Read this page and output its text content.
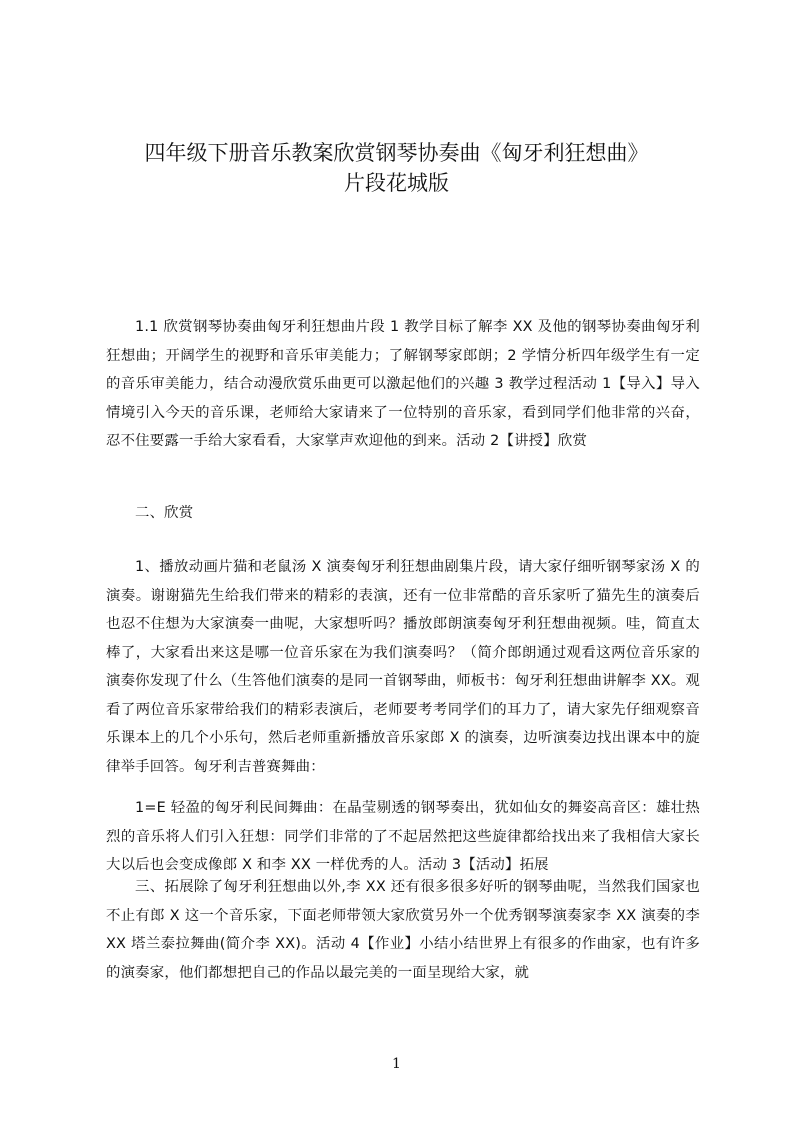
四年级下册音乐教案欣赏钢琴协奏曲《匈牙利狂想曲》
片段花城版

1.1 欣赏钢琴协奏曲匈牙利狂想曲片段 1 教学目标了解李 XX 及他的钢琴协奏曲匈牙利狂想曲；开阔学生的视野和音乐审美能力；了解钢琴家郎朗；2 学情分析四年级学生有一定的音乐审美能力，结合动漫欣赏乐曲更可以激起他们的兴趣 3 教学过程活动 1【导入】导入情境引入今天的音乐课，老师给大家请来了一位特别的音乐家，看到同学们他非常的兴奋，忍不住要露一手给大家看看，大家掌声欢迎他的到来。活动 2【讲授】欣赏

二、欣赏

1、播放动画片猫和老鼠汤 X 演奏匈牙利狂想曲剧集片段，请大家仔细听钢琴家汤 X 的演奏。谢谢猫先生给我们带来的精彩的表演，还有一位非常酷的音乐家听了猫先生的演奏后也忍不住想为大家演奏一曲呢，大家想听吗？播放郎朗演奏匈牙利狂想曲视频。哇，简直太棒了，大家看出来这是哪一位音乐家在为我们演奏吗？（简介郎朗通过观看这两位音乐家的演奏你发现了什么（生答他们演奏的是同一首钢琴曲，师板书：匈牙利狂想曲讲解李 XX。观看了两位音乐家带给我们的精彩表演后，老师要考考同学们的耳力了，请大家先仔细观察音乐课本上的几个小乐句，然后老师重新播放音乐家郎 X 的演奏，边听演奏边找出课本中的旋律举手回答。匈牙利吉普赛舞曲：

1=E 轻盈的匈牙利民间舞曲：在晶莹剔透的钢琴奏出，犹如仙女的舞姿高音区：雄壮热烈的音乐将人们引入狂想：同学们非常的了不起居然把这些旋律都给找出来了我相信大家长大以后也会变成像郎 X 和李 XX 一样优秀的人。活动 3【活动】拓展

三、拓展除了匈牙利狂想曲以外,李 XX 还有很多很多好听的钢琴曲呢，当然我们国家也不止有郎 X 这一个音乐家，下面老师带领大家欣赏另外一个优秀钢琴演奏家李 XX 演奏的李 XX 塔兰泰拉舞曲(简介李 XX)。活动 4【作业】小结小结世界上有很多的作曲家，也有许多的演奏家，他们都想把自己的作品以最完美的一面呈现给大家，就

1
